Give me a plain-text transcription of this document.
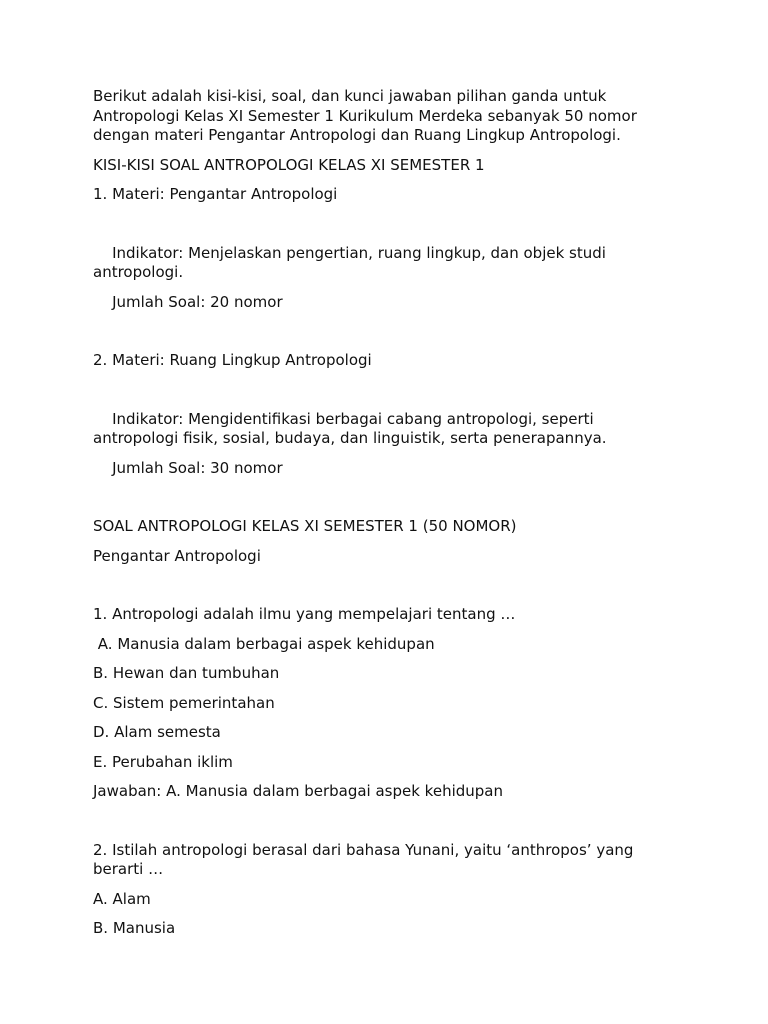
Berikut adalah kisi-kisi, soal, dan kunci jawaban pilihan ganda untuk Antropologi Kelas XI Semester 1 Kurikulum Merdeka sebanyak 50 nomor dengan materi Pengantar Antropologi dan Ruang Lingkup Antropologi.

KISI-KISI SOAL ANTROPOLOGI KELAS XI SEMESTER 1

1. Materi: Pengantar Antropologi

Indikator: Menjelaskan pengertian, ruang lingkup, dan objek studi antropologi.

Jumlah Soal: 20 nomor

2. Materi: Ruang Lingkup Antropologi

Indikator: Mengidentifikasi berbagai cabang antropologi, seperti antropologi fisik, sosial, budaya, dan linguistik, serta penerapannya.

Jumlah Soal: 30 nomor

SOAL ANTROPOLOGI KELAS XI SEMESTER 1 (50 NOMOR)

Pengantar Antropologi

1. Antropologi adalah ilmu yang mempelajari tentang …

A. Manusia dalam berbagai aspek kehidupan

B. Hewan dan tumbuhan

C. Sistem pemerintahan

D. Alam semesta

E. Perubahan iklim

Jawaban: A. Manusia dalam berbagai aspek kehidupan

2. Istilah antropologi berasal dari bahasa Yunani, yaitu ‘anthropos’ yang berarti …

A. Alam

B. Manusia
